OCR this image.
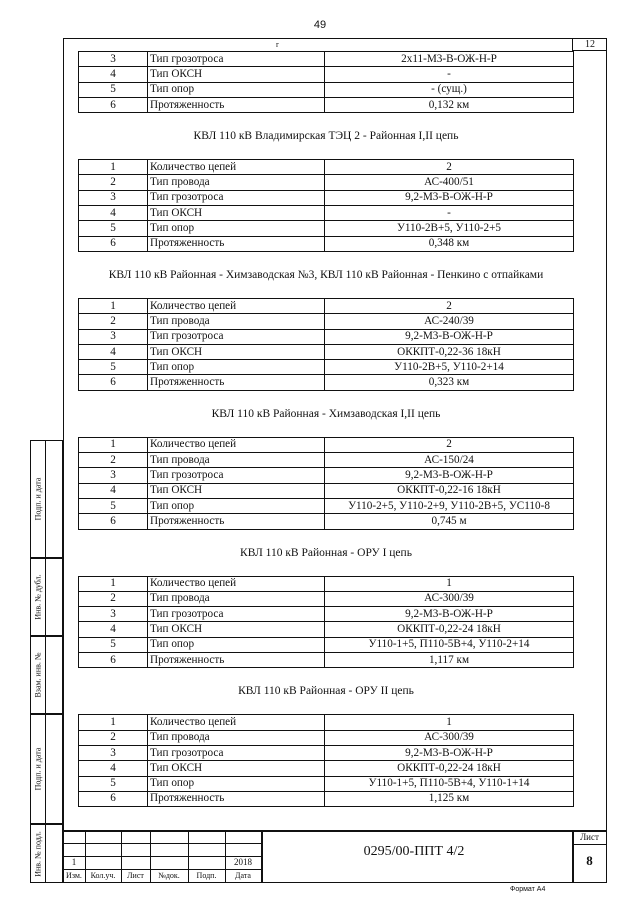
49
12
r
3	Тип грозотроса	2x11-М3-В-ОЖ-Н-Р
4	Тип ОКСН	-
5	Тип опор	- (сущ.)
6	Протяженность	0,132 км
КВЛ 110 кВ Владимирская ТЭЦ 2 - Районная I,II цепь
1	Количество цепей	2
2	Тип провода	АС-400/51
3	Тип грозотроса	9,2-М3-В-ОЖ-Н-Р
4	Тип ОКСН	-
5	Тип опор	У110-2В+5, У110-2+5
6	Протяженность	0,348 км
КВЛ 110 кВ Районная - Химзаводская №3, КВЛ 110 кВ Районная - Пенкино с отпайками
1	Количество цепей	2
2	Тип провода	АС-240/39
3	Тип грозотроса	9,2-М3-В-ОЖ-Н-Р
4	Тип ОКСН	ОККПТ-0,22-36 18кН
5	Тип опор	У110-2В+5, У110-2+14
6	Протяженность	0,323 км
КВЛ 110 кВ Районная - Химзаводская I,II цепь
1	Количество цепей	2
2	Тип провода	АС-150/24
3	Тип грозотроса	9,2-М3-В-ОЖ-Н-Р
4	Тип ОКСН	ОККПТ-0,22-16 18кН
5	Тип опор	У110-2+5, У110-2+9, У110-2В+5, УС110-8
6	Протяженность	0,745 м
КВЛ 110 кВ Районная - ОРУ I цепь
1	Количество цепей	1
2	Тип провода	АС-300/39
3	Тип грозотроса	9,2-М3-В-ОЖ-Н-Р
4	Тип ОКСН	ОККПТ-0,22-24 18кН
5	Тип опор	У110-1+5, П110-5В+4, У110-2+14
6	Протяженность	1,117 км
КВЛ 110 кВ Районная - ОРУ II цепь
1	Количество цепей	1
2	Тип провода	АС-300/39
3	Тип грозотроса	9,2-М3-В-ОЖ-Н-Р
4	Тип ОКСН	ОККПТ-0,22-24 18кН
5	Тип опор	У110-1+5, П110-5В+4, У110-1+14
6	Протяженность	1,125 км
Подп. и дата
Инв. № дубл.
Взам. инв. №
Подп. и дата
Инв. № подл.	1	2018
Изм.	Кол.уч.	Лист	№док.	Подп.	Дата
0295/00-ППТ 4/2
Лист
8
Формат А4
